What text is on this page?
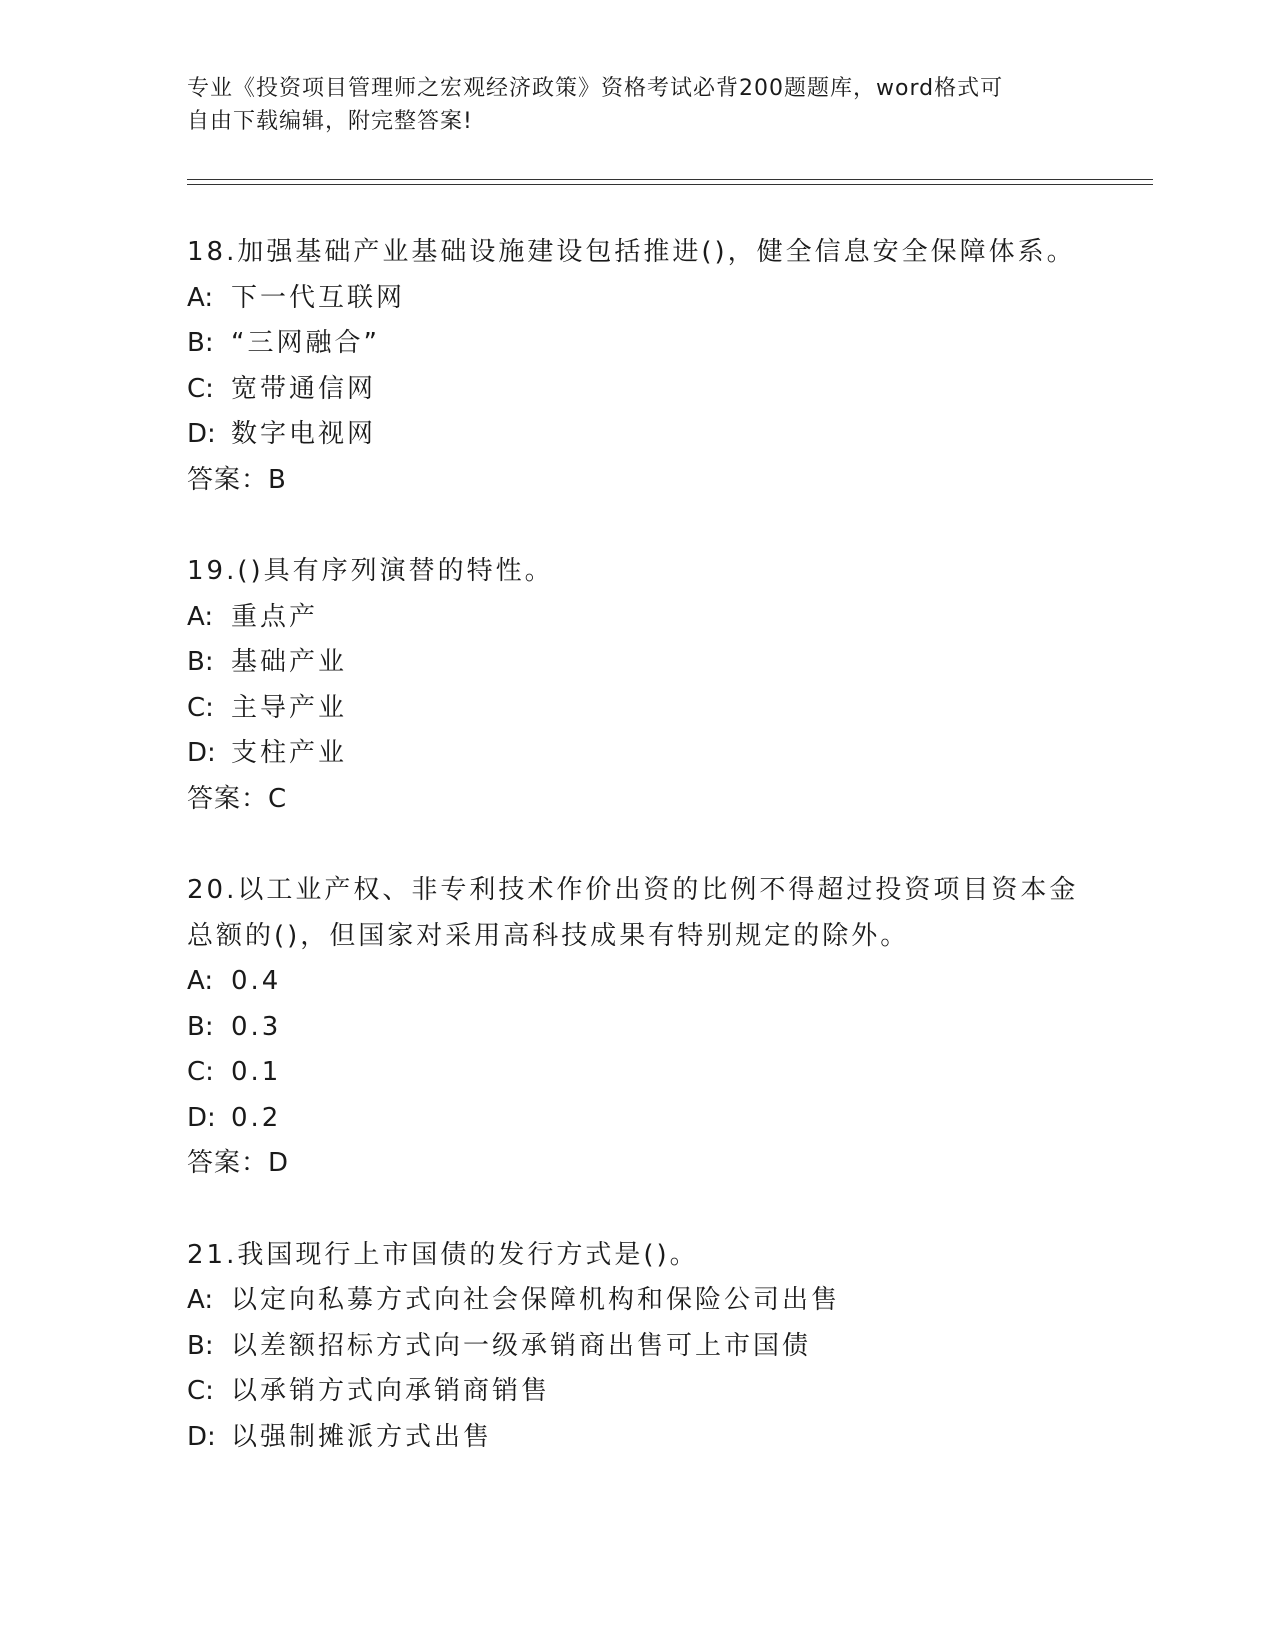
专业《投资项目管理师之宏观经济政策》资格考试必背200题题库，word格式可
自由下载编辑，附完整答案!
18.加强基础产业基础设施建设包括推进()，健全信息安全保障体系。
A: 下一代互联网
B: “三网融合”
C: 宽带通信网
D: 数字电视网
答案：B
19.()具有序列演替的特性。
A: 重点产
B: 基础产业
C: 主导产业
D: 支柱产业
答案：C
20.以工业产权、非专利技术作价出资的比例不得超过投资项目资本金
总额的()，但国家对采用高科技成果有特别规定的除外。
A: 0.4
B: 0.3
C: 0.1
D: 0.2
答案：D
21.我国现行上市国债的发行方式是()。
A: 以定向私募方式向社会保障机构和保险公司出售
B: 以差额招标方式向一级承销商出售可上市国债
C: 以承销方式向承销商销售
D: 以强制摊派方式出售
